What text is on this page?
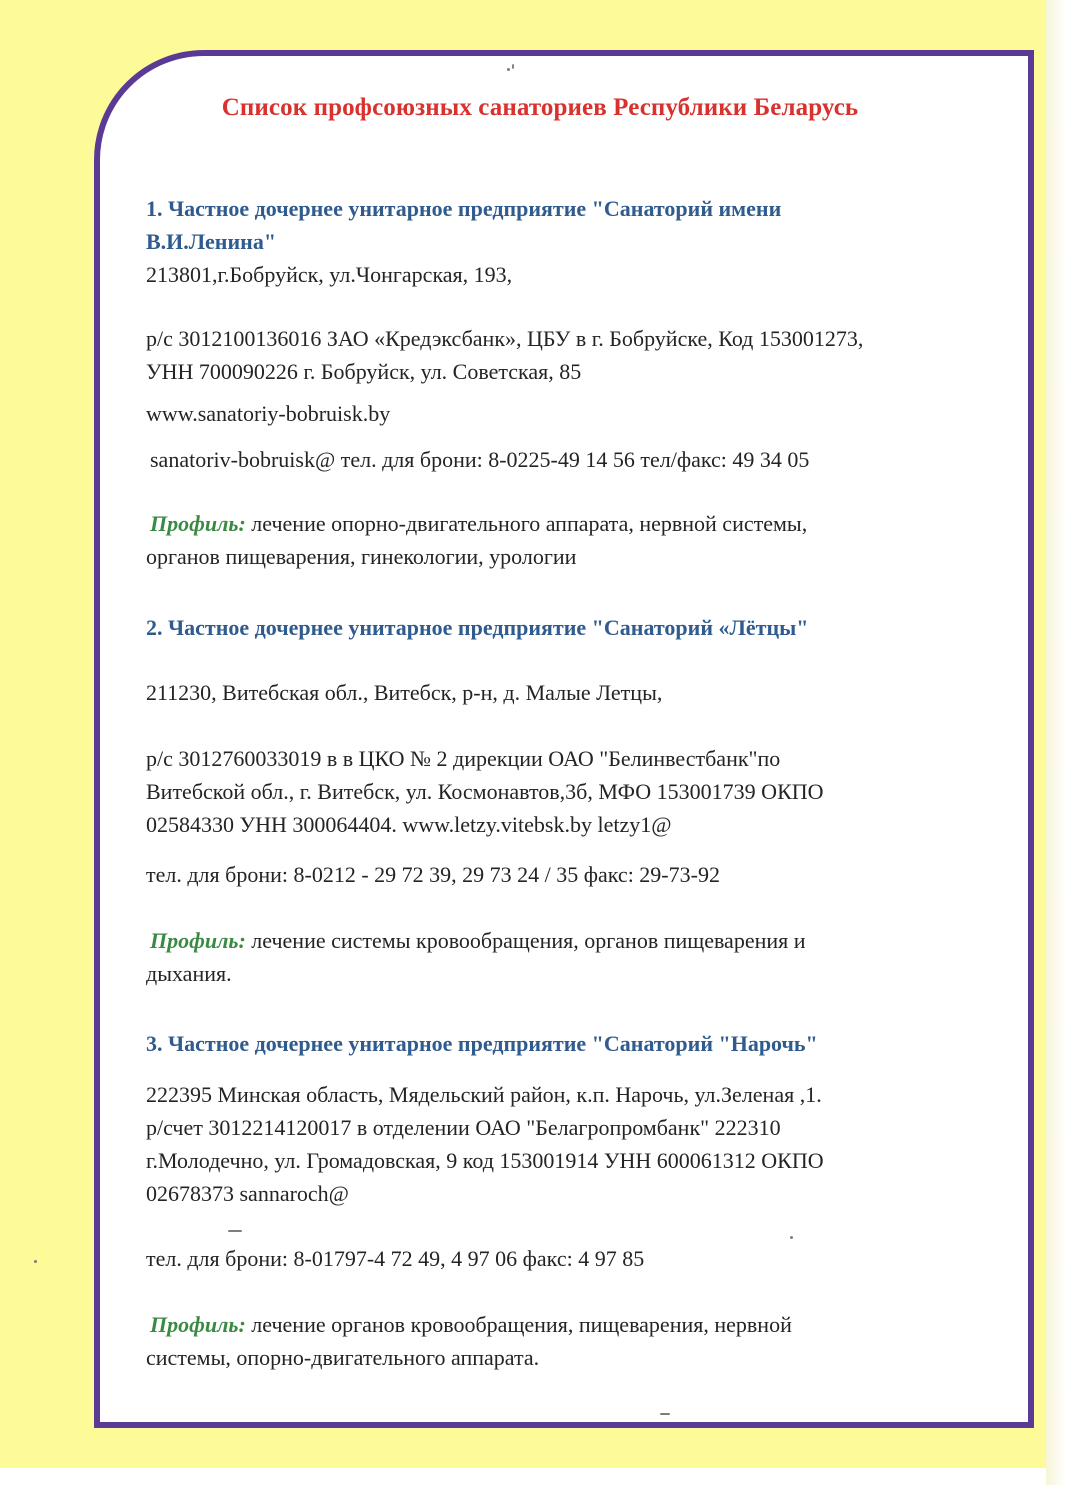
Список профсоюзных санаториев Республики Беларусь
1. Частное дочернее унитарное предприятие "Санаторий имени
В.И.Ленина"
213801,г.Бобруйск, ул.Чонгарская, 193,
р/с 3012100136016 ЗАО «Кредэксбанк», ЦБУ в г. Бобруйске, Код 153001273,
УНН 700090226 г. Бобруйск, ул. Советская, 85
www.sanatoriy-bobruisk.by
sanatoriv-bobruisk@ тел. для брони: 8-0225-49 14 56 тел/факс: 49 34 05
Профиль: лечение опорно-двигательного аппарата, нервной системы,
органов пищеварения, гинекологии, урологии
2. Частное дочернее унитарное предприятие "Санаторий «Лётцы"
211230, Витебская обл., Витебск, р-н, д. Малые Летцы,
р/с 3012760033019 в в ЦКО № 2 дирекции ОАО "Белинвестбанк"по
Витебской обл., г. Витебск, ул. Космонавтов,3б, МФО 153001739 ОКПО
02584330 УНН 300064404. www.letzy.vitebsk.by letzy1@
тел. для брони: 8-0212 - 29 72 39, 29 73 24 / 35 факс: 29-73-92
Профиль: лечение системы кровообращения, органов пищеварения и
дыхания.
3. Частное дочернее унитарное предприятие "Санаторий "Нарочь"
222395 Минская область, Мядельский район, к.п. Нарочь, ул.Зеленая ,1.
р/счет 3012214120017 в отделении ОАО "Белагропромбанк" 222310
г.Молодечно, ул. Громадовская, 9 код 153001914 УНН 600061312 ОКПО
02678373 sannaroch@
тел. для брони: 8-01797-4 72 49, 4 97 06 факс: 4 97 85
Профиль: лечение органов кровообращения, пищеварения, нервной
системы, опорно-двигательного аппарата.
